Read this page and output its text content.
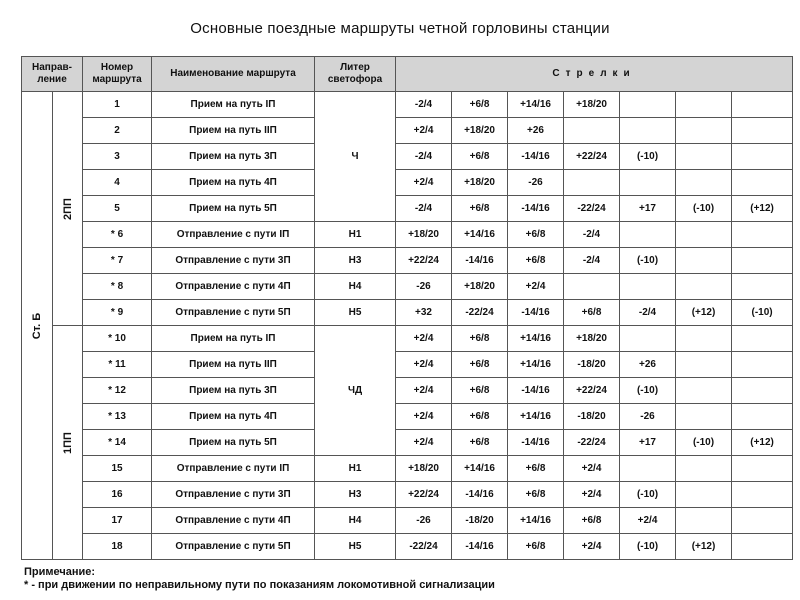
Основные поездные маршруты четной горловины станции
Направ-ление		Номер маршрута	Наименование маршрута	Литер светофора	Стрелки						

Ст. Б	2ПП	1	Прием на путь IП	Ч	-2/4	+6/8	+14/16	+18/20			
		2	Прием на путь IIП		+2/4	+18/20	+26				
		3	Прием на путь 3П		-2/4	+6/8	-14/16	+22/24	(-10)		
		4	Прием на путь 4П		+2/4	+18/20	-26				
		5	Прием на путь 5П		-2/4	+6/8	-14/16	-22/24	+17	(-10)	(+12)
		* 6	Отправление с пути IП	Н1	+18/20	+14/16	+6/8	-2/4			
		* 7	Отправление с пути 3П	Н3	+22/24	-14/16	+6/8	-2/4	(-10)		
		* 8	Отправление с пути 4П	Н4	-26	+18/20	+2/4				
		* 9	Отправление с пути 5П	Н5	+32	-22/24	-14/16	+6/8	-2/4	(+12)	(-10)

	1ПП	* 10	Прием на путь IП	ЧД	+2/4	+6/8	+14/16	+18/20			
		* 11	Прием на путь IIП		+2/4	+6/8	+14/16	-18/20	+26		
		* 12	Прием на путь 3П		+2/4	+6/8	-14/16	+22/24	(-10)		
		* 13	Прием на путь 4П		+2/4	+6/8	+14/16	-18/20	-26		
		* 14	Прием на путь 5П		+2/4	+6/8	-14/16	-22/24	+17	(-10)	(+12)
		15	Отправление с пути IП	Н1	+18/20	+14/16	+6/8	+2/4			
		16	Отправление с пути 3П	Н3	+22/24	-14/16	+6/8	+2/4	(-10)		
		17	Отправление с пути 4П	Н4	-26	-18/20	+14/16	+6/8	+2/4		
		18	Отправление с пути 5П	Н5	-22/24	-14/16	+6/8	+2/4	(-10)	(+12)	
Примечание:
* - при движении по неправильному пути по показаниям локомотивной сигнализации
